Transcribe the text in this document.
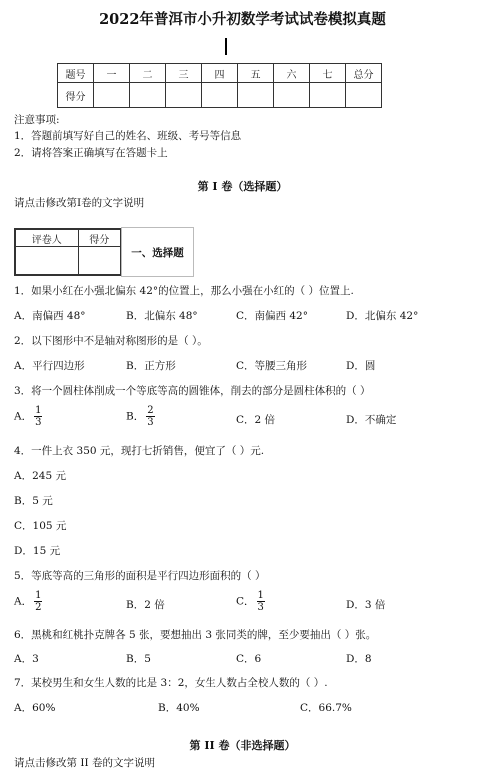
2022年普洱市小升初数学考试试卷模拟真题
题号	一	二	三	四	五	六	七	总分
得分								
注意事项:
1．答题前填写好自己的姓名、班级、考号等信息
2．请将答案正确填写在答题卡上
第 I 卷（选择题）
请点击修改第I卷的文字说明
评卷人	得分

一、选择题
1．如果小红在小强北偏东 42°的位置上，那么小强在小红的（ ）位置上.
A．南偏西 48°	B．北偏东 48°	C．南偏西 42°	D．北偏东 42°
2．以下图形中不是轴对称图形的是（ ）。
A．平行四边形	B．正方形	C．等腰三角形	D．圆
3．将一个圆柱体削成一个等底等高的圆锥体，削去的部分是圆柱体积的（ ）
A． $\frac{1}{3}$	B． $\frac{2}{3}$	C．2 倍	D．不确定
4．一件上衣 350 元，现打七折销售，便宜了（ ）元.
A．245 元
B．5 元
C．105 元
D．15 元
5．等底等高的三角形的面积是平行四边形面积的（ ）
A． $\frac{1}{2}$	B．2 倍	C． $\frac{1}{3}$	D．3 倍
6．黑桃和红桃扑克牌各 5 张，要想抽出 3 张同类的牌，至少要抽出（ ）张。
A．3	B．5	C．6	D．8
7．某校男生和女生人数的比是 3：2，女生人数占全校人数的（ ）.
A．60%	B．40%	C．66.7%
第 II 卷（非选择题）
请点击修改第 II 卷的文字说明
